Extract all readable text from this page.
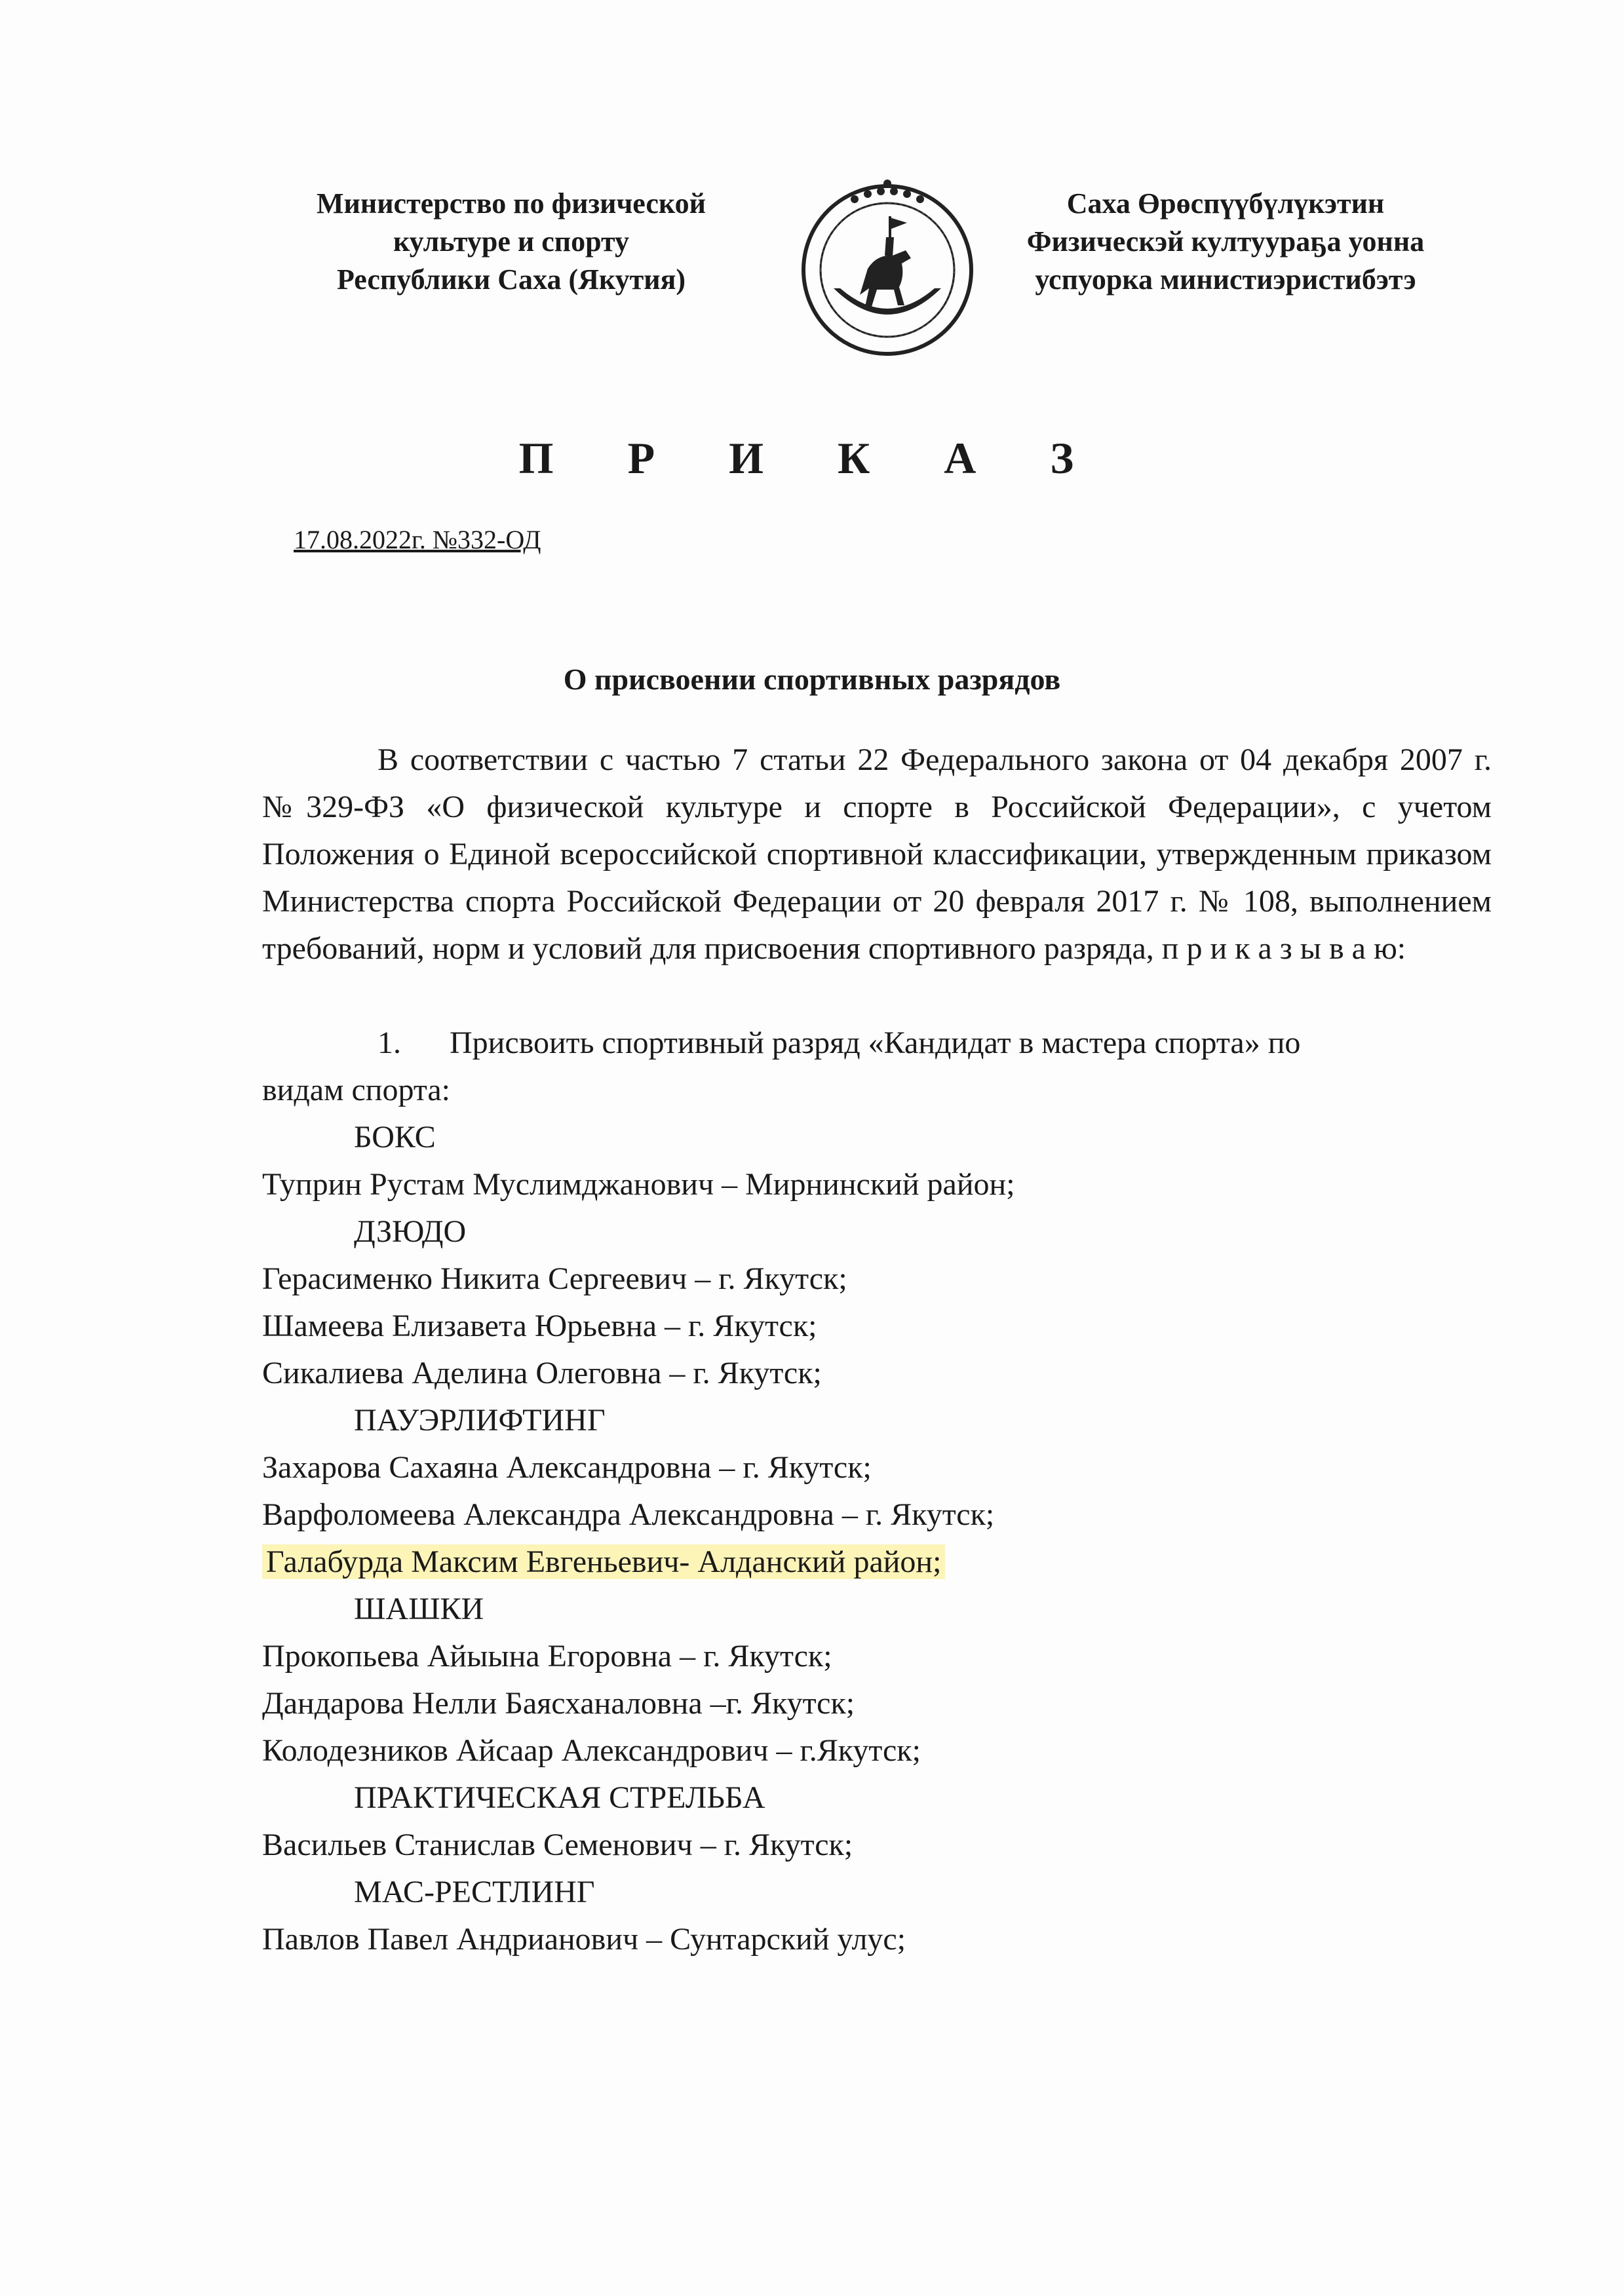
Министерство по физической
культуре и спорту
Республики Саха (Якутия)
Саха Өрөспүүбүлүкэтин
Физическэй култуураҕа уонна
успуорка министиэристибэтэ
П Р И К А З
17.08.2022г. №332-ОД
О присвоении спортивных разрядов

В соответствии с частью 7 статьи 22 Федерального закона от 04 декабря 2007 г. №329-ФЗ «О физической культуре и спорте в Российской Федерации», с учетом Положения о Единой всероссийской спортивной классификации, утвержденным приказом Министерства спорта Российской Федерации от 20 февраля 2017 г. № 108, выполнением требований, норм и условий для присвоения спортивного разряда, п р и к а з ы в а ю:

1. Присвоить спортивный разряд «Кандидат в мастера спорта» по
видам спорта:
БОКС
Туприн Рустам Муслимджанович – Мирнинский район;
ДЗЮДО
Герасименко Никита Сергеевич – г. Якутск;
Шамеева Елизавета Юрьевна – г. Якутск;
Сикалиева Аделина Олеговна – г. Якутск;
ПАУЭРЛИФТИНГ
Захарова Сахаяна Александровна – г. Якутск;
Варфоломеева Александра Александровна – г. Якутск;
Галабурда Максим Евгеньевич- Алданский район;
ШАШКИ
Прокопьева Айыына Егоровна – г. Якутск;
Дандарова Нелли Баясханаловна –г. Якутск;
Колодезников Айсаар Александрович – г.Якутск;
ПРАКТИЧЕСКАЯ СТРЕЛЬБА
Васильев Станислав Семенович – г. Якутск;
МАС-РЕСТЛИНГ
Павлов Павел Андрианович – Сунтарский улус;
